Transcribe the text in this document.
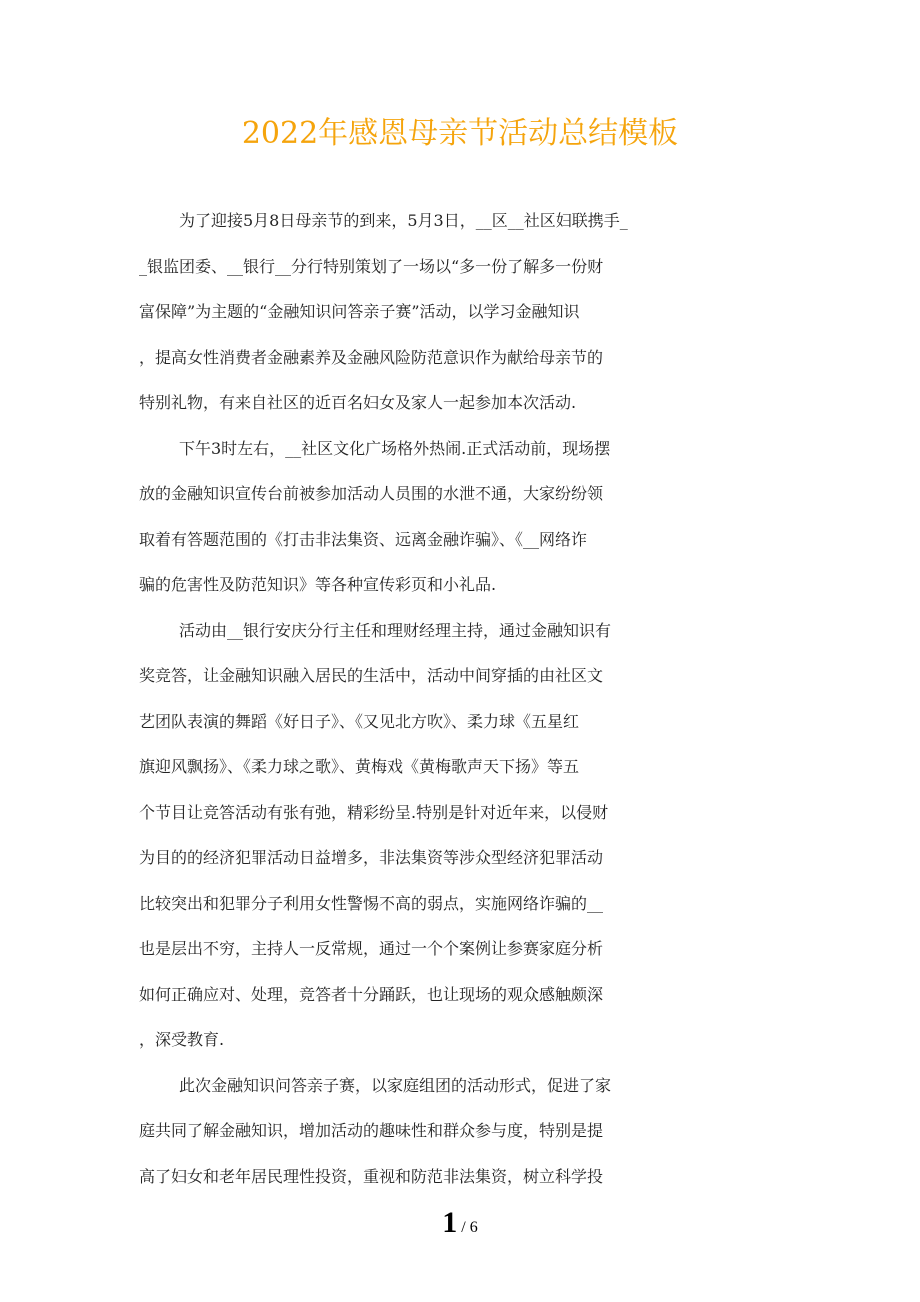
2022年感恩母亲节活动总结模板
为了迎接5月8日母亲节的到来，5月3日，__区__社区妇联携手_
_银监团委、__银行__分行特别策划了一场以“多一份了解多一份财
富保障”为主题的“金融知识问答亲子赛”活动，以学习金融知识
，提高女性消费者金融素养及金融风险防范意识作为献给母亲节的
特别礼物，有来自社区的近百名妇女及家人一起参加本次活动.
下午3时左右，__社区文化广场格外热闹.正式活动前，现场摆
放的金融知识宣传台前被参加活动人员围的水泄不通，大家纷纷领
取着有答题范围的《打击非法集资、远离金融诈骗》、《__网络诈
骗的危害性及防范知识》等各种宣传彩页和小礼品.
活动由__银行安庆分行主任和理财经理主持，通过金融知识有
奖竞答，让金融知识融入居民的生活中，活动中间穿插的由社区文
艺团队表演的舞蹈《好日子》、《又见北方吹》、柔力球《五星红
旗迎风飘扬》、《柔力球之歌》、黄梅戏《黄梅歌声天下扬》等五
个节目让竞答活动有张有弛，精彩纷呈.特别是针对近年来，以侵财
为目的的经济犯罪活动日益增多，非法集资等涉众型经济犯罪活动
比较突出和犯罪分子利用女性警惕不高的弱点，实施网络诈骗的__
也是层出不穷，主持人一反常规，通过一个个案例让参赛家庭分析
如何正确应对、处理，竞答者十分踊跃，也让现场的观众感触颇深
，深受教育.
此次金融知识问答亲子赛，以家庭组团的活动形式，促进了家
庭共同了解金融知识，增加活动的趣味性和群众参与度，特别是提
高了妇女和老年居民理性投资，重视和防范非法集资，树立科学投
1 / 6
